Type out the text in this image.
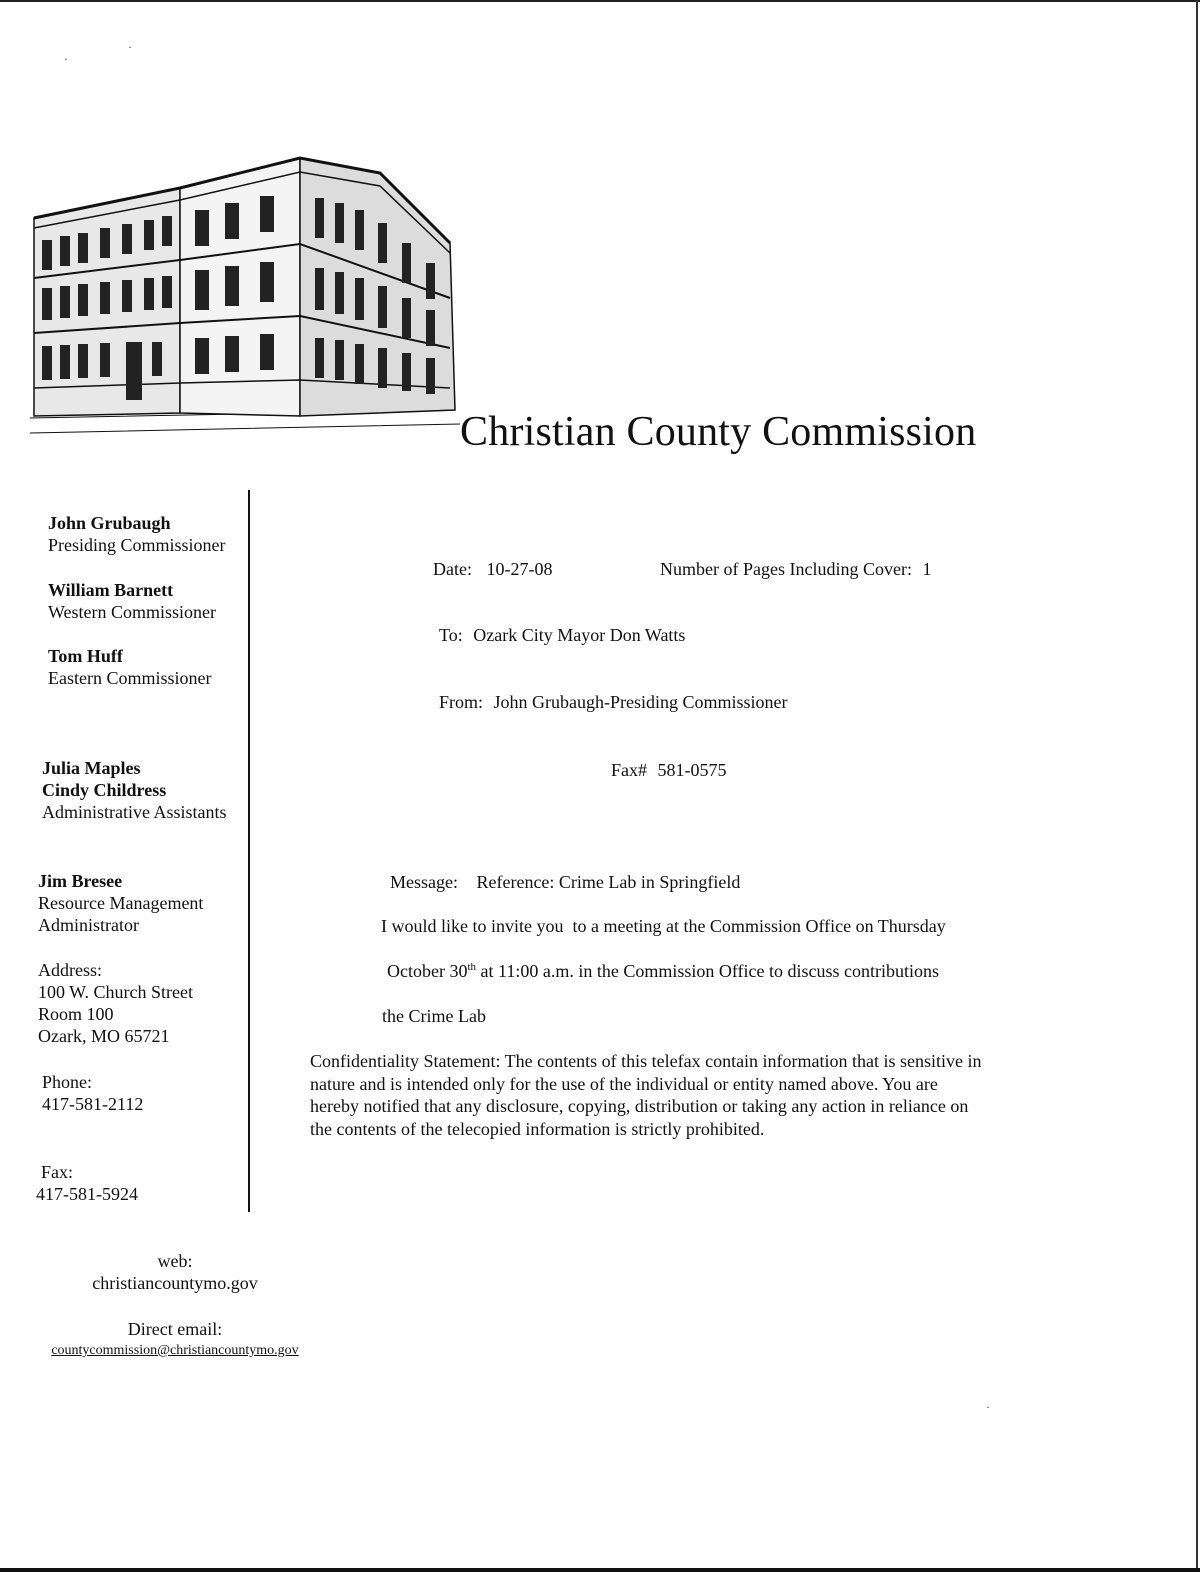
·
·
·
Christian County Commission
John Grubaugh
Presiding Commissioner
William Barnett
Western Commissioner
Tom Huff
Eastern Commissioner
Julia Maples
Cindy Childress
Administrative Assistants
Jim Bresee
Resource Management
Administrator
Address:
100 W. Church Street
Room 100
Ozark, MO 65721
Phone:
417-581-2112
Fax:
417-581-5924
web:
christiancountymo.gov
Direct email:
countycommission@christiancountymo.gov
Date: 10-27-08	Number of Pages Including Cover: 1
To: Ozark City Mayor Don Watts
From: John Grubaugh-Presiding Commissioner
Fax# 581-0575
Message: Reference: Crime Lab in Springfield
I would like to invite you  to a meeting at the Commission Office on Thursday
October 30th at 11:00 a.m. in the Commission Office to discuss contributions
the Crime Lab
Confidentiality Statement: The contents of this telefax contain information that is sensitive in nature and is intended only for the use of the individual or entity named above. You are hereby notified that any disclosure, copying, distribution or taking any action in reliance on the contents of the telecopied information is strictly prohibited.
